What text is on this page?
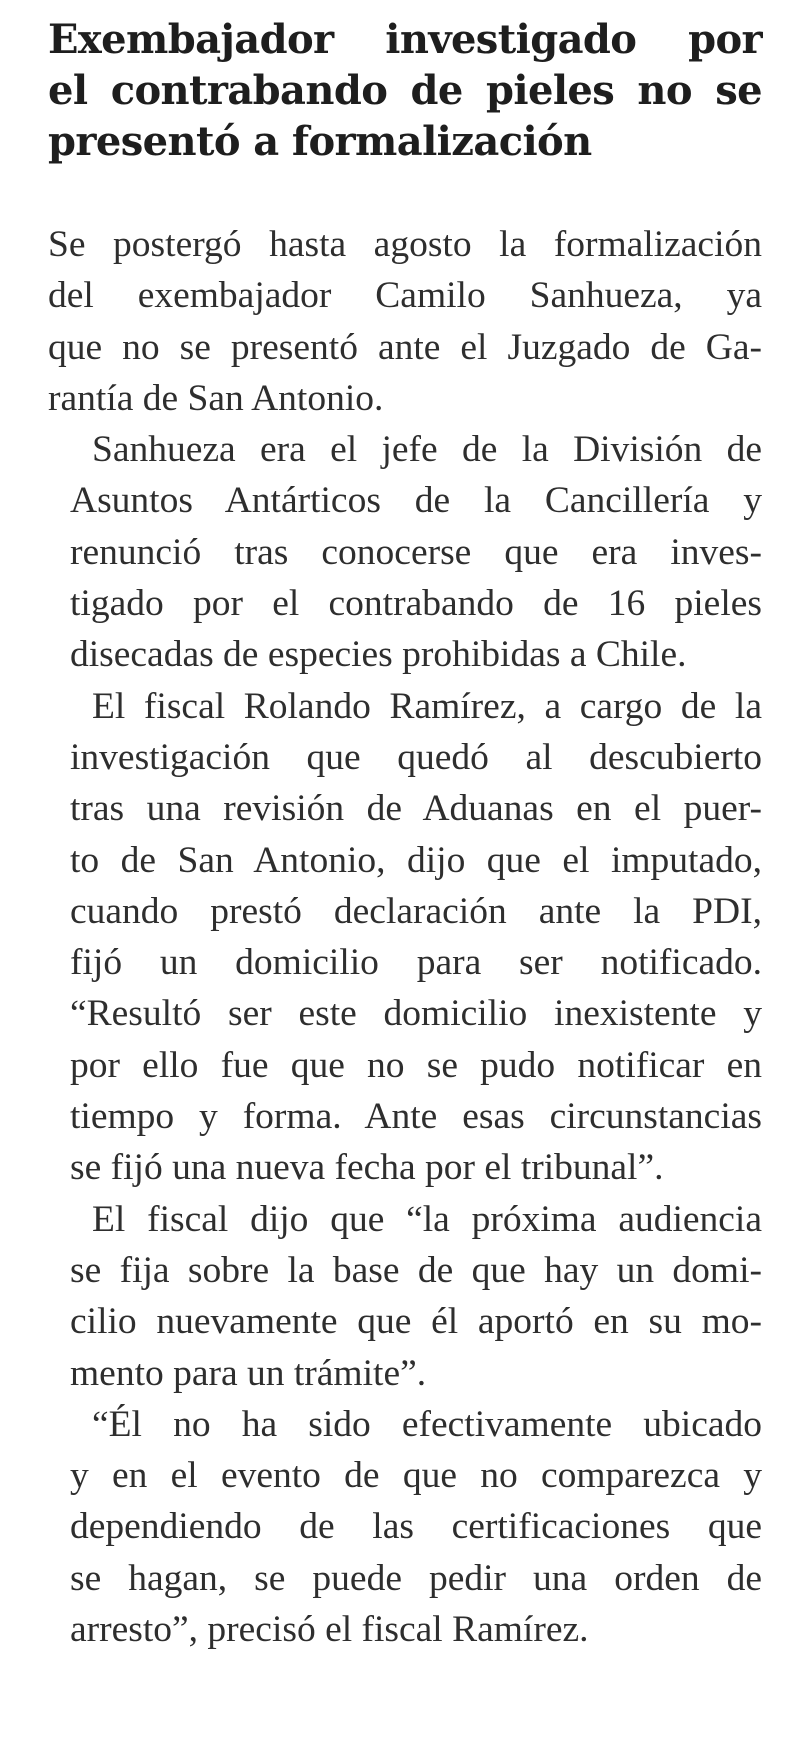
Exembajador investigado por
el contrabando de pieles no se
presentó a formalización

Se postergó hasta agosto la formalización
del exembajador Camilo Sanhueza, ya
que no se presentó ante el Juzgado de Ga-
rantía de San Antonio.

Sanhueza era el jefe de la División de
Asuntos Antárticos de la Cancillería y
renunció tras conocerse que era inves-
tigado por el contrabando de 16 pieles
disecadas de especies prohibidas a Chile.

El fiscal Rolando Ramírez, a cargo de la
investigación que quedó al descubierto
tras una revisión de Aduanas en el puer-
to de San Antonio, dijo que el imputado,
cuando prestó declaración ante la PDI,
fijó un domicilio para ser notificado.
“Resultó ser este domicilio inexistente y
por ello fue que no se pudo notificar en
tiempo y forma. Ante esas circunstancias
se fijó una nueva fecha por el tribunal”.

El fiscal dijo que “la próxima audiencia
se fija sobre la base de que hay un domi-
cilio nuevamente que él aportó en su mo-
mento para un trámite”.

“Él no ha sido efectivamente ubicado
y en el evento de que no comparezca y
dependiendo de las certificaciones que
se hagan, se puede pedir una orden de
arresto”, precisó el fiscal Ramírez.
